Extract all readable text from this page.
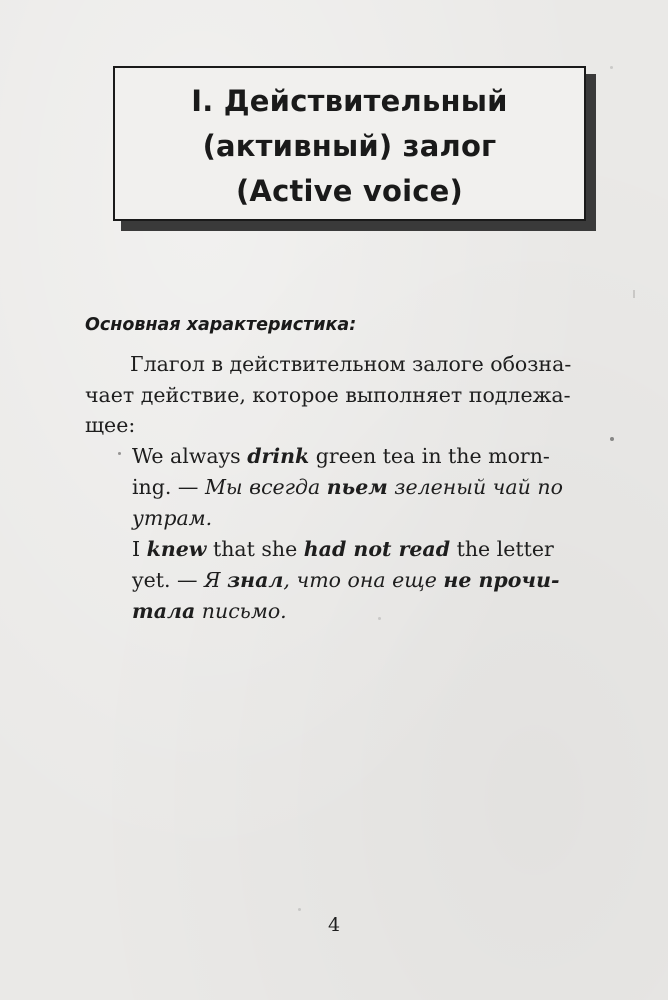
I. Действительный
(активный) залог
(Active voice)
Основная характеристика:
Глагол в действительном залоге обозна-
чает действие, которое выполняет подлежа-
щее:
We always drink green tea in the morn-
ing. — Мы всегда пьем зеленый чай по
утрам.
I knew that she had not read the letter
yet. — Я знал, что она еще не прочи-
тала письмо.
4
